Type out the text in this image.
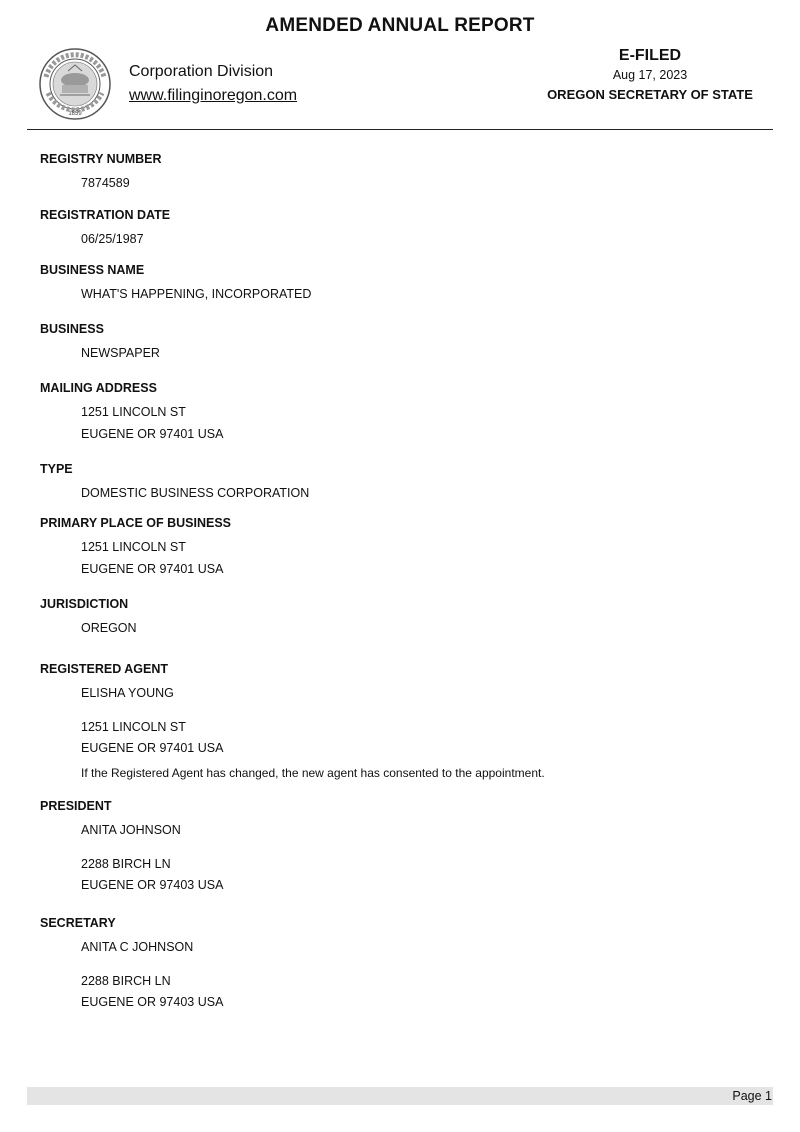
AMENDED ANNUAL REPORT
1859
Corporation Division
www.filinginoregon.com
E-FILED
Aug 17, 2023
OREGON SECRETARY OF STATE
REGISTRY NUMBER
7874589
REGISTRATION DATE
06/25/1987
BUSINESS NAME
WHAT'S HAPPENING, INCORPORATED
BUSINESS
NEWSPAPER
MAILING ADDRESS
1251 LINCOLN ST
EUGENE OR 97401 USA
TYPE
DOMESTIC BUSINESS CORPORATION
PRIMARY PLACE OF BUSINESS
1251 LINCOLN ST
EUGENE OR 97401 USA
JURISDICTION
OREGON
REGISTERED AGENT
ELISHA YOUNG
1251 LINCOLN ST
EUGENE OR 97401 USA
If the Registered Agent has changed, the new agent has consented to the appointment.
PRESIDENT
ANITA JOHNSON
2288 BIRCH LN
EUGENE OR 97403 USA
SECRETARY
ANITA C JOHNSON
2288 BIRCH LN
EUGENE OR 97403 USA
Page 1
